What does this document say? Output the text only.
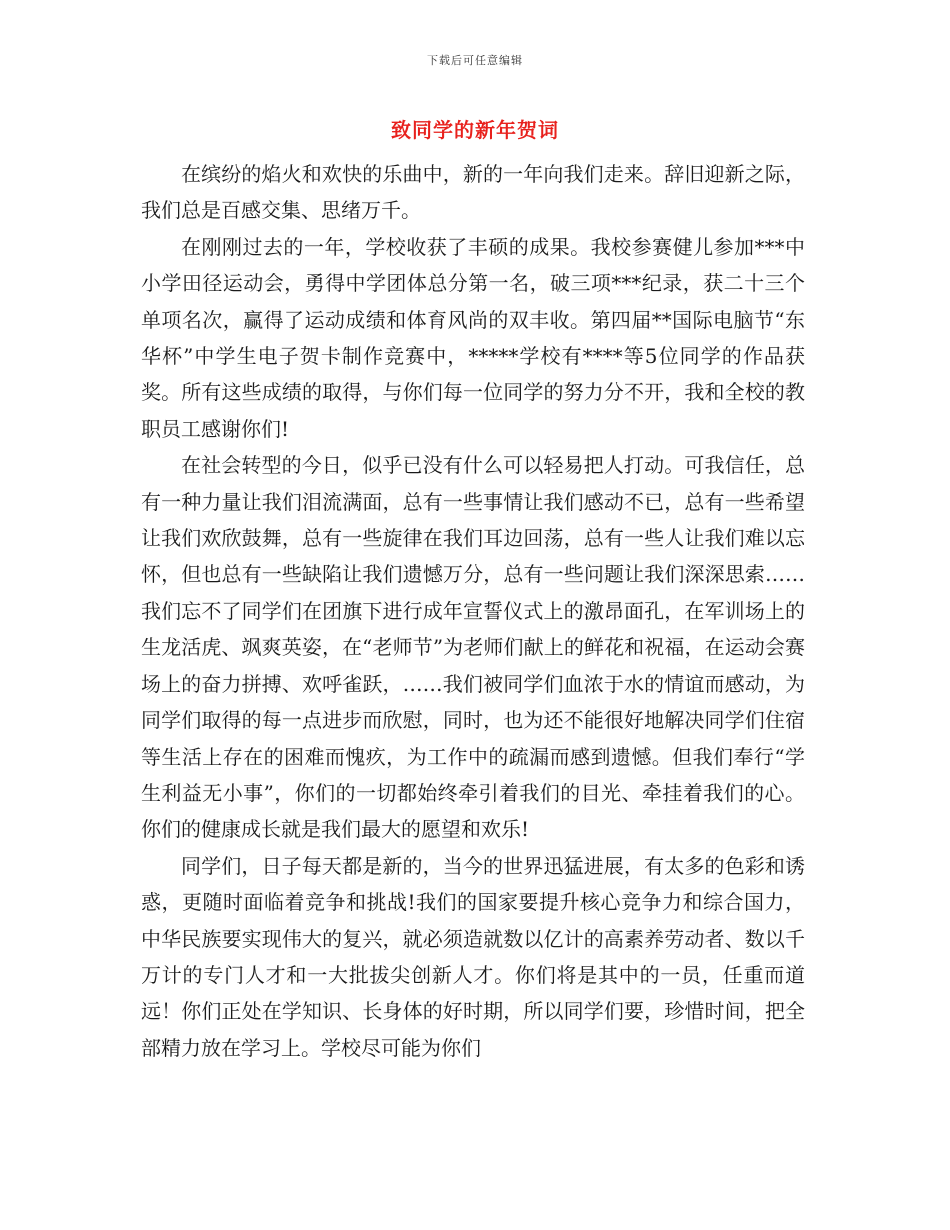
下载后可任意编辑
致同学的新年贺词

在缤纷的焰火和欢快的乐曲中，新的一年向我们走来。辞旧迎新之际，我们总是百感交集、思绪万千。

在刚刚过去的一年，学校收获了丰硕的成果。我校参赛健儿参加***中小学田径运动会，勇得中学团体总分第一名，破三项***纪录，获二十三个单项名次，赢得了运动成绩和体育风尚的双丰收。第四届**国际电脑节“东华杯”中学生电子贺卡制作竞赛中，*****学校有****等5位同学的作品获奖。所有这些成绩的取得，与你们每一位同学的努力分不开，我和全校的教职员工感谢你们!

在社会转型的今日，似乎已没有什么可以轻易把人打动。可我信任，总有一种力量让我们泪流满面，总有一些事情让我们感动不已，总有一些希望让我们欢欣鼓舞，总有一些旋律在我们耳边回荡，总有一些人让我们难以忘怀，但也总有一些缺陷让我们遗憾万分，总有一些问题让我们深深思索……我们忘不了同学们在团旗下进行成年宣誓仪式上的激昂面孔，在军训场上的生龙活虎、飒爽英姿，在“老师节”为老师们献上的鲜花和祝福，在运动会赛场上的奋力拼搏、欢呼雀跃，……我们被同学们血浓于水的情谊而感动，为同学们取得的每一点进步而欣慰，同时，也为还不能很好地解决同学们住宿等生活上存在的困难而愧疚，为工作中的疏漏而感到遗憾。但我们奉行“学生利益无小事”，你们的一切都始终牵引着我们的目光、牵挂着我们的心。你们的健康成长就是我们最大的愿望和欢乐!

同学们，日子每天都是新的，当今的世界迅猛进展，有太多的色彩和诱惑，更随时面临着竞争和挑战!我们的国家要提升核心竞争力和综合国力，中华民族要实现伟大的复兴，就必须造就数以亿计的高素养劳动者、数以千万计的专门人才和一大批拔尖创新人才。你们将是其中的一员，任重而道远！你们正处在学知识、长身体的好时期，所以同学们要，珍惜时间，把全部精力放在学习上。学校尽可能为你们
